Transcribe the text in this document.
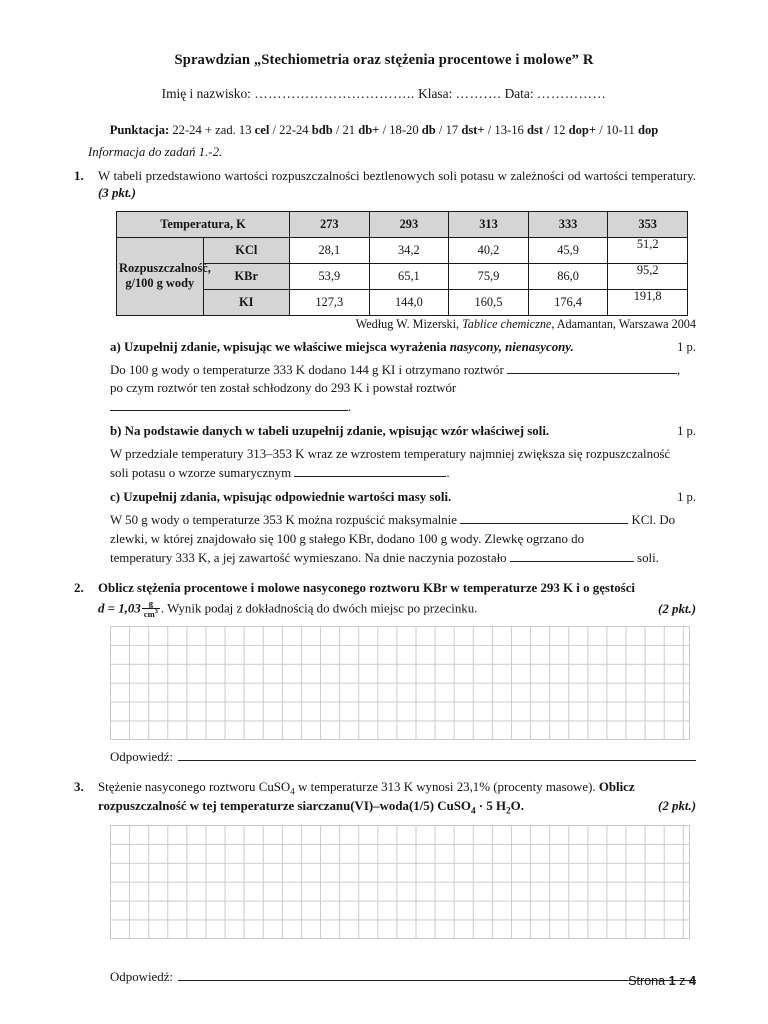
Sprawdzian „Stechiometria oraz stężenia procentowe i molowe” R
Imię i nazwisko: …………………………….. Klasa: ………. Data: ……………
Punktacja: 22-24 + zad. 13 cel / 22-24 bdb / 21 db+ / 18-20 db / 17 dst+ / 13-16 dst / 12 dop+ / 10-11 dop
Informacja do zadań 1.-2.
1.	W tabeli przedstawiono wartości rozpuszczalności beztlenowych soli potasu w zależności od wartości temperatury. (3 pkt.)
Temperatura, K		273	293	313	333	353
Rozpuszczalność,
g/100 g wody	KCl	28,1	34,2	40,2	45,9	51,2
	KBr	53,9	65,1	75,9	86,0	95,2
	KI	127,3	144,0	160,5	176,4	191,8
Według W. Mizerski, Tablice chemiczne, Adamantan, Warszawa 2004
a) Uzupełnij zdanie, wpisując we właściwe miejsca wyrażenia nasycony, nienasycony.	1 p.
Do 100 g wody o temperaturze 333 K dodano 144 g KI i otrzymano roztwór	,
po czym roztwór ten został schłodzony do 293 K i powstał roztwór .
b) Na podstawie danych w tabeli uzupełnij zdanie, wpisując wzór właściwej soli.	1 p.
W przedziale temperatury 313–353 K wraz ze wzrostem temperatury najmniej zwiększa się rozpuszczalność
soli potasu o wzorze sumarycznym	.
c) Uzupełnij zdania, wpisując odpowiednie wartości masy soli.	1 p.
W 50 g wody o temperaturze 353 K można rozpuścić maksymalnie	KCl. Do
zlewki, w której znajdowało się 100 g stałego KBr, dodano 100 g wody. Zlewkę ogrzano do
temperatury 333 K, a jej zawartość wymieszano. Na dnie naczynia pozostało	soli.
2.	Oblicz stężenia procentowe i molowe nasyconego roztworu KBr w temperaturze 293 K i o gęstości
$d = 1,03 \frac{g}{cm^3}$ . Wynik podaj z dokładnością do dwóch miejsc po przecinku.	(2 pkt.)
Odpowiedź:
3.	Stężenie nasyconego roztworu CuSO$_4$ w temperaturze 313 K wynosi 23,1% (procenty masowe). Oblicz
rozpuszczalność w tej temperaturze siarczanu(VI)–woda(1/5) CuSO$_4$ · 5 $H_2O$.	(2 pkt.)
Odpowiedź:	Strona 1 z 4
